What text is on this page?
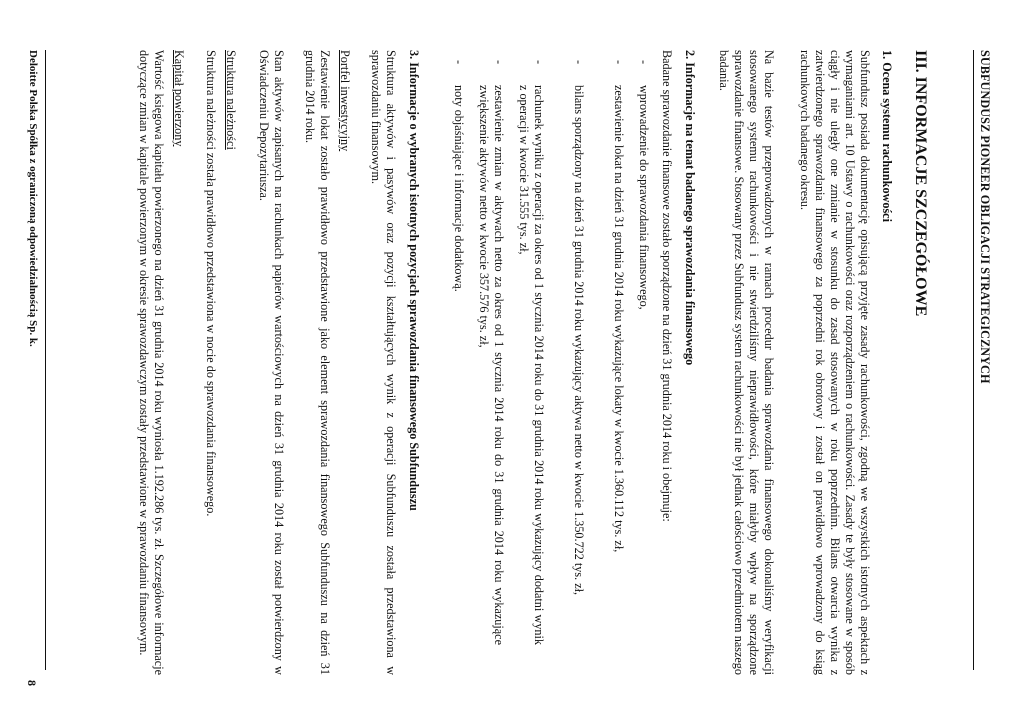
SUBFUNDUSZ PIONEER OBLIGACJI STRATEGICZNYCH
III. INFORMACJE SZCZEGÓŁOWE
1. Ocena systemu rachunkowości
Subfundusz posiada dokumentację opisującą przyjęte zasady rachunkowości, zgodną we wszystkich istotnych aspektach z wymaganiami art. 10 Ustawy o rachunkowości oraz rozporządzeniem o rachunkowości. Zasady te były stosowane w sposób ciągły i nie uległy one zmianie w stosunku do zasad stosowanych w roku poprzednim. Bilans otwarcia wynika z zatwierdzonego sprawozdania finansowego za poprzedni rok obrotowy i został on prawidłowo wprowadzony do ksiąg rachunkowych badanego okresu.
Na bazie testów przeprowadzonych w ramach procedur badania sprawozdania finansowego dokonaliśmy weryfikacji stosowanego systemu rachunkowości i nie stwierdziliśmy nieprawidłowości, które miałyby wpływ na sporządzone sprawozdanie finansowe. Stosowany przez Subfundusz system rachunkowości nie był jednak całościowo przedmiotem naszego badania.
2. Informacje na temat badanego sprawozdania finansowego
Badane sprawozdanie finansowe zostało sporządzone na dzień 31 grudnia 2014 roku i obejmuje:
-
wprowadzenie do sprawozdania finansowego,
-
zestawienie lokat na dzień 31 grudnia 2014 roku wykazujące lokaty w kwocie 1.360.112 tys. zł,
-
bilans sporządzony na dzień 31 grudnia 2014 roku wykazujący aktywa netto w kwocie 1.350.722 tys. zł,
-
rachunek wyniku z operacji za okres od 1 stycznia 2014 roku do 31 grudnia 2014 roku wykazujący dodatni wynik z operacji w kwocie 31.555 tys. zł,
-
zestawienie zmian w aktywach netto za okres od 1 stycznia 2014 roku do 31 grudnia 2014 roku wykazujące zwiększenie aktywów netto w kwocie 357.576 tys. zł,
-
noty objaśniające i informacje dodatkową.
3. Informacje o wybranych istotnych pozycjach sprawozdania finansowego Subfunduszu
Struktura aktywów i pasywów oraz pozycji kształtujących wynik z operacji Subfunduszu została przedstawiona w sprawozdaniu finansowym.
Portfel inwestycyjny
Zestawienie lokat zostało prawidłowo przedstawione jako element sprawozdania finansowego Subfunduszu na dzień 31 grudnia 2014 roku.
Stan aktywów zapisanych na rachunkach papierów wartościowych na dzień 31 grudnia 2014 roku został potwierdzony w Oświadczeniu Depozytariusza.
Struktura należności
Struktura należności została prawidłowo przedstawiona w nocie do sprawozdania finansowego.
Kapitał powierzony
Wartość księgowa kapitału powierzonego na dzień 31 grudnia 2014 roku wyniosła 1.192.286 tys. zł. Szczegółowe informacje dotyczące zmian w kapitale powierzonym w okresie sprawozdawczym zostały przedstawione w sprawozdaniu finansowym.
Deloitte Polska Spółka z ograniczoną odpowiedzialnością Sp. k.
8
